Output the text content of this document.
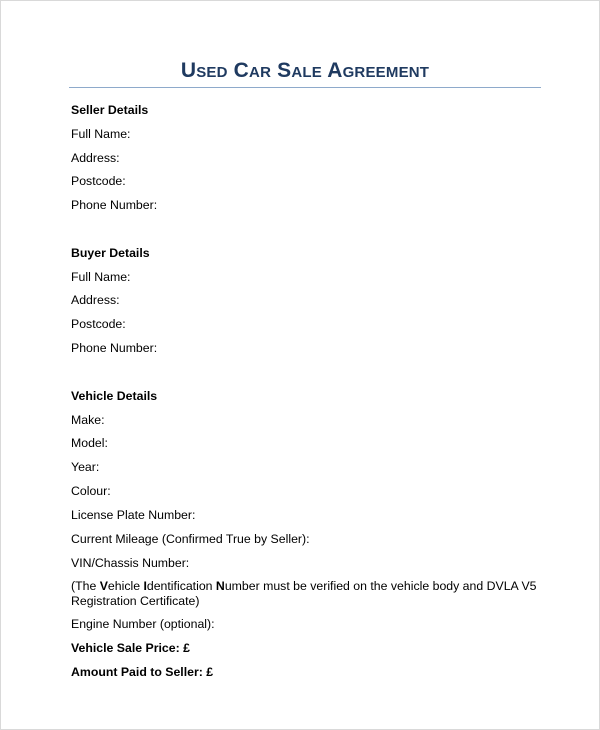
Used Car Sale Agreement
Seller Details
Full Name:
Address:
Postcode:
Phone Number:
Buyer Details
Full Name:
Address:
Postcode:
Phone Number:
Vehicle Details
Make:
Model:
Year:
Colour:
License Plate Number:
Current Mileage (Confirmed True by Seller):
VIN/Chassis Number:
(The Vehicle Identification Number must be verified on the vehicle body and DVLA V5 Registration Certificate)
Engine Number (optional):
Vehicle Sale Price: £
Amount Paid to Seller: £
